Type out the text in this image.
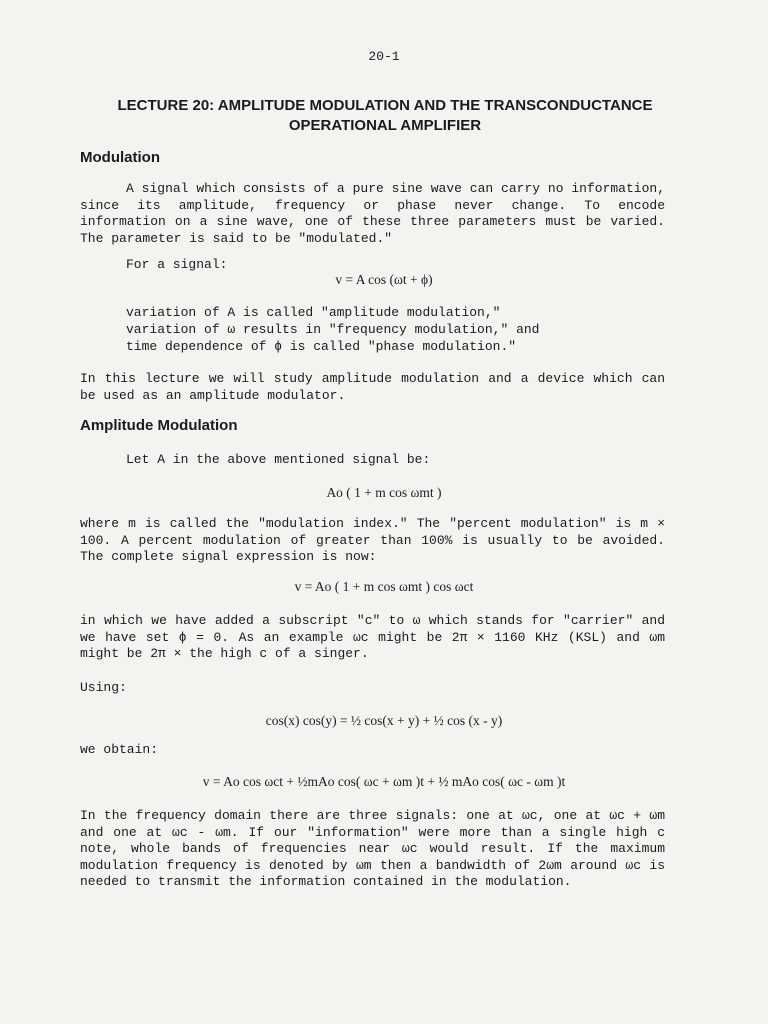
20-1
LECTURE 20: AMPLITUDE MODULATION AND THE TRANSCONDUCTANCE
OPERATIONAL AMPLIFIER
Modulation

A signal which consists of a pure sine wave can carry no information, since its amplitude, frequency or phase never change. To encode information on a sine wave, one of these three parameters must be varied. The parameter is said to be "modulated."

For a signal:
v = A cos (ωt + ϕ)
variation of A is called "amplitude modulation,"
variation of ω results in "frequency modulation," and
time dependence of ϕ is called "phase modulation."

In this lecture we will study amplitude modulation and a device which can be used as an amplitude modulator.

Amplitude Modulation
Let A in the above mentioned signal be:
Ao ( 1 + m cos ωmt )

where m is called the "modulation index." The "percent modulation" is m × 100. A percent modulation of greater than 100% is usually to be avoided. The complete signal expression is now:

v = Ao ( 1 + m cos ωmt ) cos ωct

in which we have added a subscript "c" to ω which stands for "carrier" and we have set ϕ = 0. As an example ωc might be 2π × 1160 KHz (KSL) and ωm might be 2π × the high c of a singer.

Using:
cos(x) cos(y) = ½ cos(x + y) + ½ cos (x - y)
we obtain:
v = Ao cos ωct + ½mAo cos( ωc + ωm )t + ½ mAo cos( ωc - ωm )t

In the frequency domain there are three signals: one at ωc, one at ωc + ωm and one at ωc - ωm. If our "information" were more than a single high c note, whole bands of frequencies near ωc would result. If the maximum modulation frequency is denoted by ωm then a bandwidth of 2ωm around ωc is needed to transmit the information contained in the modulation.
